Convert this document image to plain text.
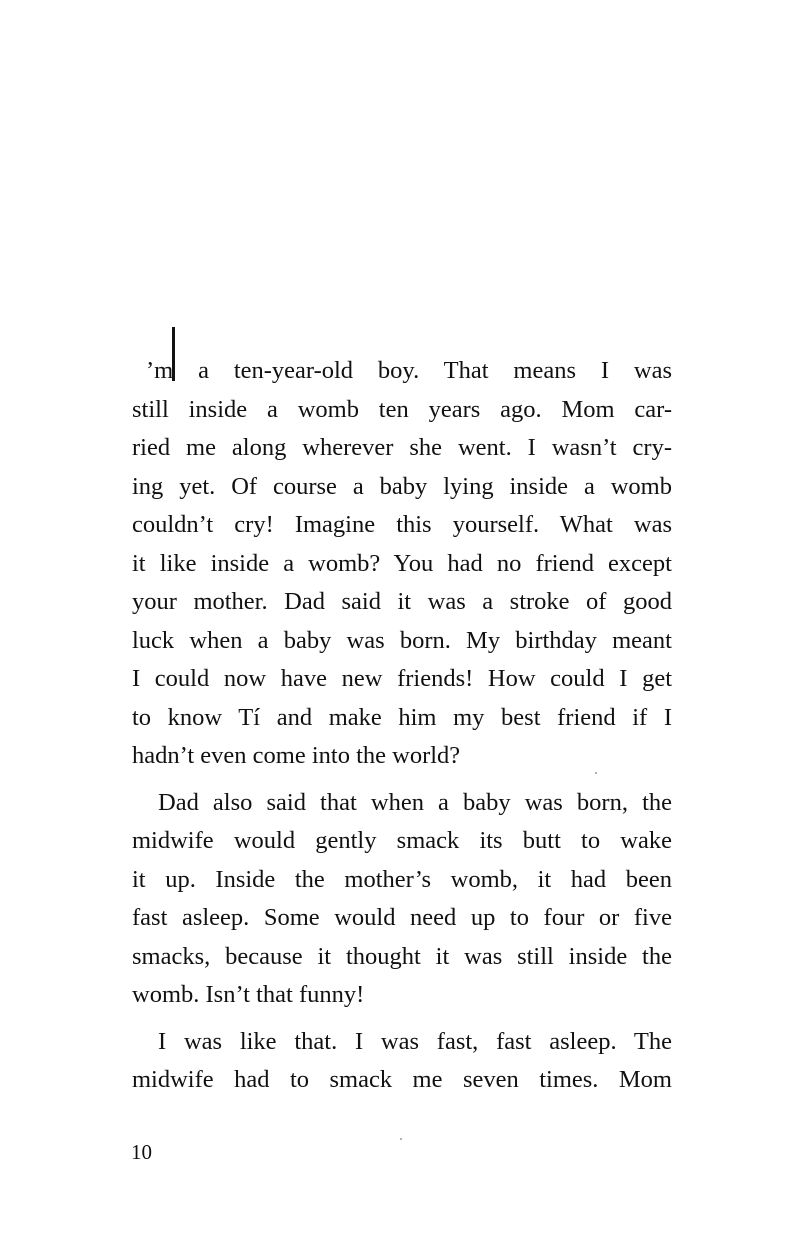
’m a ten-year-old boy. That means I was
still inside a womb ten years ago. Mom car-
ried me along wherever she went. I wasn’t cry-
ing yet. Of course a baby lying inside a womb
couldn’t cry! Imagine this yourself. What was
it like inside a womb? You had no friend except
your mother. Dad said it was a stroke of good
luck when a baby was born. My birthday meant
I could now have new friends! How could I get
to know Tí and make him my best friend if I
hadn’t even come into the world?
Dad also said that when a baby was born, the
midwife would gently smack its butt to wake
it up. Inside the mother’s womb, it had been
fast asleep. Some would need up to four or five
smacks, because it thought it was still inside the
womb. Isn’t that funny!
I was like that. I was fast, fast asleep. The
midwife had to smack me seven times. Mom
10
